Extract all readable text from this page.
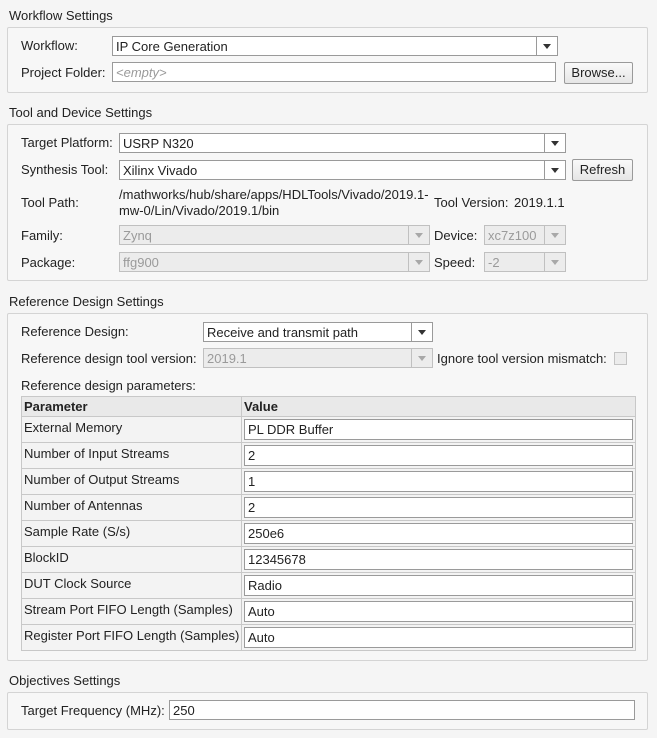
Workflow Settings
Workflow:	IP Core Generation
Project Folder: <empty>	Browse...
Tool and Device Settings
Target Platform: USRP N320
Synthesis Tool: Xilinx Vivado	Refresh
Tool Path:
/mathworks/hub/share/apps/HDLTools/Vivado/2019.1-
mw-0/Lin/Vivado/2019.1/bin
Tool Version: 2019.1.1
Family:	Zynq	Device: xc7z100
Package:	ffg900	Speed: -2
Reference Design Settings
Reference Design:	Receive and transmit path
Reference design tool version: 2019.1	Ignore tool version mismatch:
Reference design parameters:
Parameter	Value
External Memory	PL DDR Buffer

Number of Input Streams	2

Number of Output Streams	1

Number of Antennas	2

Sample Rate (S/s)	250e6

BlockID	12345678

DUT Clock Source	Radio

Stream Port FIFO Length (Samples)	Auto

Register Port FIFO Length (Samples)	Auto
Objectives Settings
Target Frequency (MHz): 250
